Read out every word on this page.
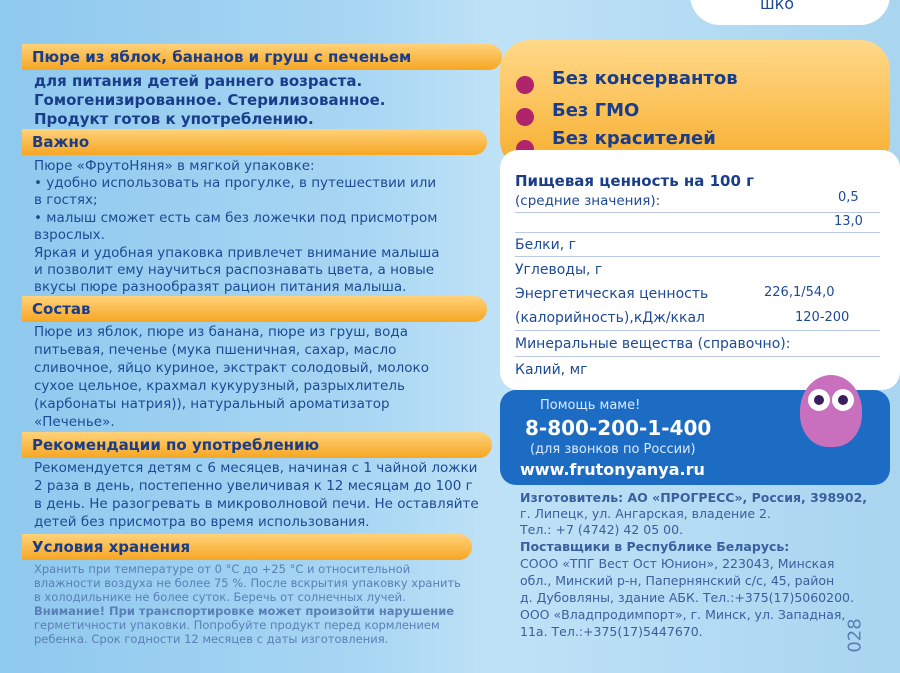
шко
Пюре из яблок, бананов и груш с печеньем
для питания детей раннего возраста.
Гомогенизированное. Стерилизованное.
Продукт готов к употреблению.
Важно
Пюре «ФрутоНяня» в мягкой упаковке:
• удобно использовать на прогулке, в путешествии или
в гостях;
• малыш сможет есть сам без ложечки под присмотром
взрослых.
Яркая и удобная упаковка привлечет внимание малыша
и позволит ему научиться распознавать цвета, а новые
вкусы пюре разнообразят рацион питания малыша.
Состав
Пюре из яблок, пюре из банана, пюре из груш, вода
питьевая, печенье (мука пшеничная, сахар, масло
сливочное, яйцо куриное, экстракт солодовый, молоко
сухое цельное, крахмал кукурузный, разрыхлитель
(карбонаты натрия)), натуральный ароматизатор
«Печенье».
Рекомендации по употреблению
Рекомендуется детям с 6 месяцев, начиная с 1 чайной ложки
2 раза в день, постепенно увеличивая к 12 месяцам до 100 г
в день. Не разогревать в микроволновой печи. Не оставляйте
детей без присмотра во время использования.
Условия хранения
Хранить при температуре от 0 °С до +25 °С и относительной
влажности воздуха не более 75 %. После вскрытия упаковку хранить
в холодильнике не более суток. Беречь от солнечных лучей.
Внимание! При транспортировке может произойти нарушение
герметичности упаковки. Попробуйте продукт перед кормлением
ребенка. Срок годности 12 месяцев с даты изготовления.
Без консервантов
Без ГМО
Без красителей
Пищевая ценность на 100 г
(средние значения):
Белки, г
0,5
Углеводы, г
13,0
Энергетическая ценность
(калорийность),кДж/ккал
226,1/54,0
Минеральные вещества (справочно):
120-200
Калий, мг
Помощь маме!
8-800-200-1-400
(для звонков по России)
www.frutonyanya.ru
Изготовитель: АО «ПРОГРЕСС», Россия, 398902,
г. Липецк, ул. Ангарская, владение 2.
Тел.: +7 (4742) 42 05 00.
Поставщики в Республике Беларусь:
СООО «ТПГ Вест Ост Юнион», 223043, Минская
обл., Минский р-н, Папернянский с/с, 45, район
д. Дубовляны, здание АБК. Тел.:+375(17)5060200.
ООО «Владпродимпорт», г. Минск, ул. Западная,
11а. Тел.:+375(17)5447670.	028
